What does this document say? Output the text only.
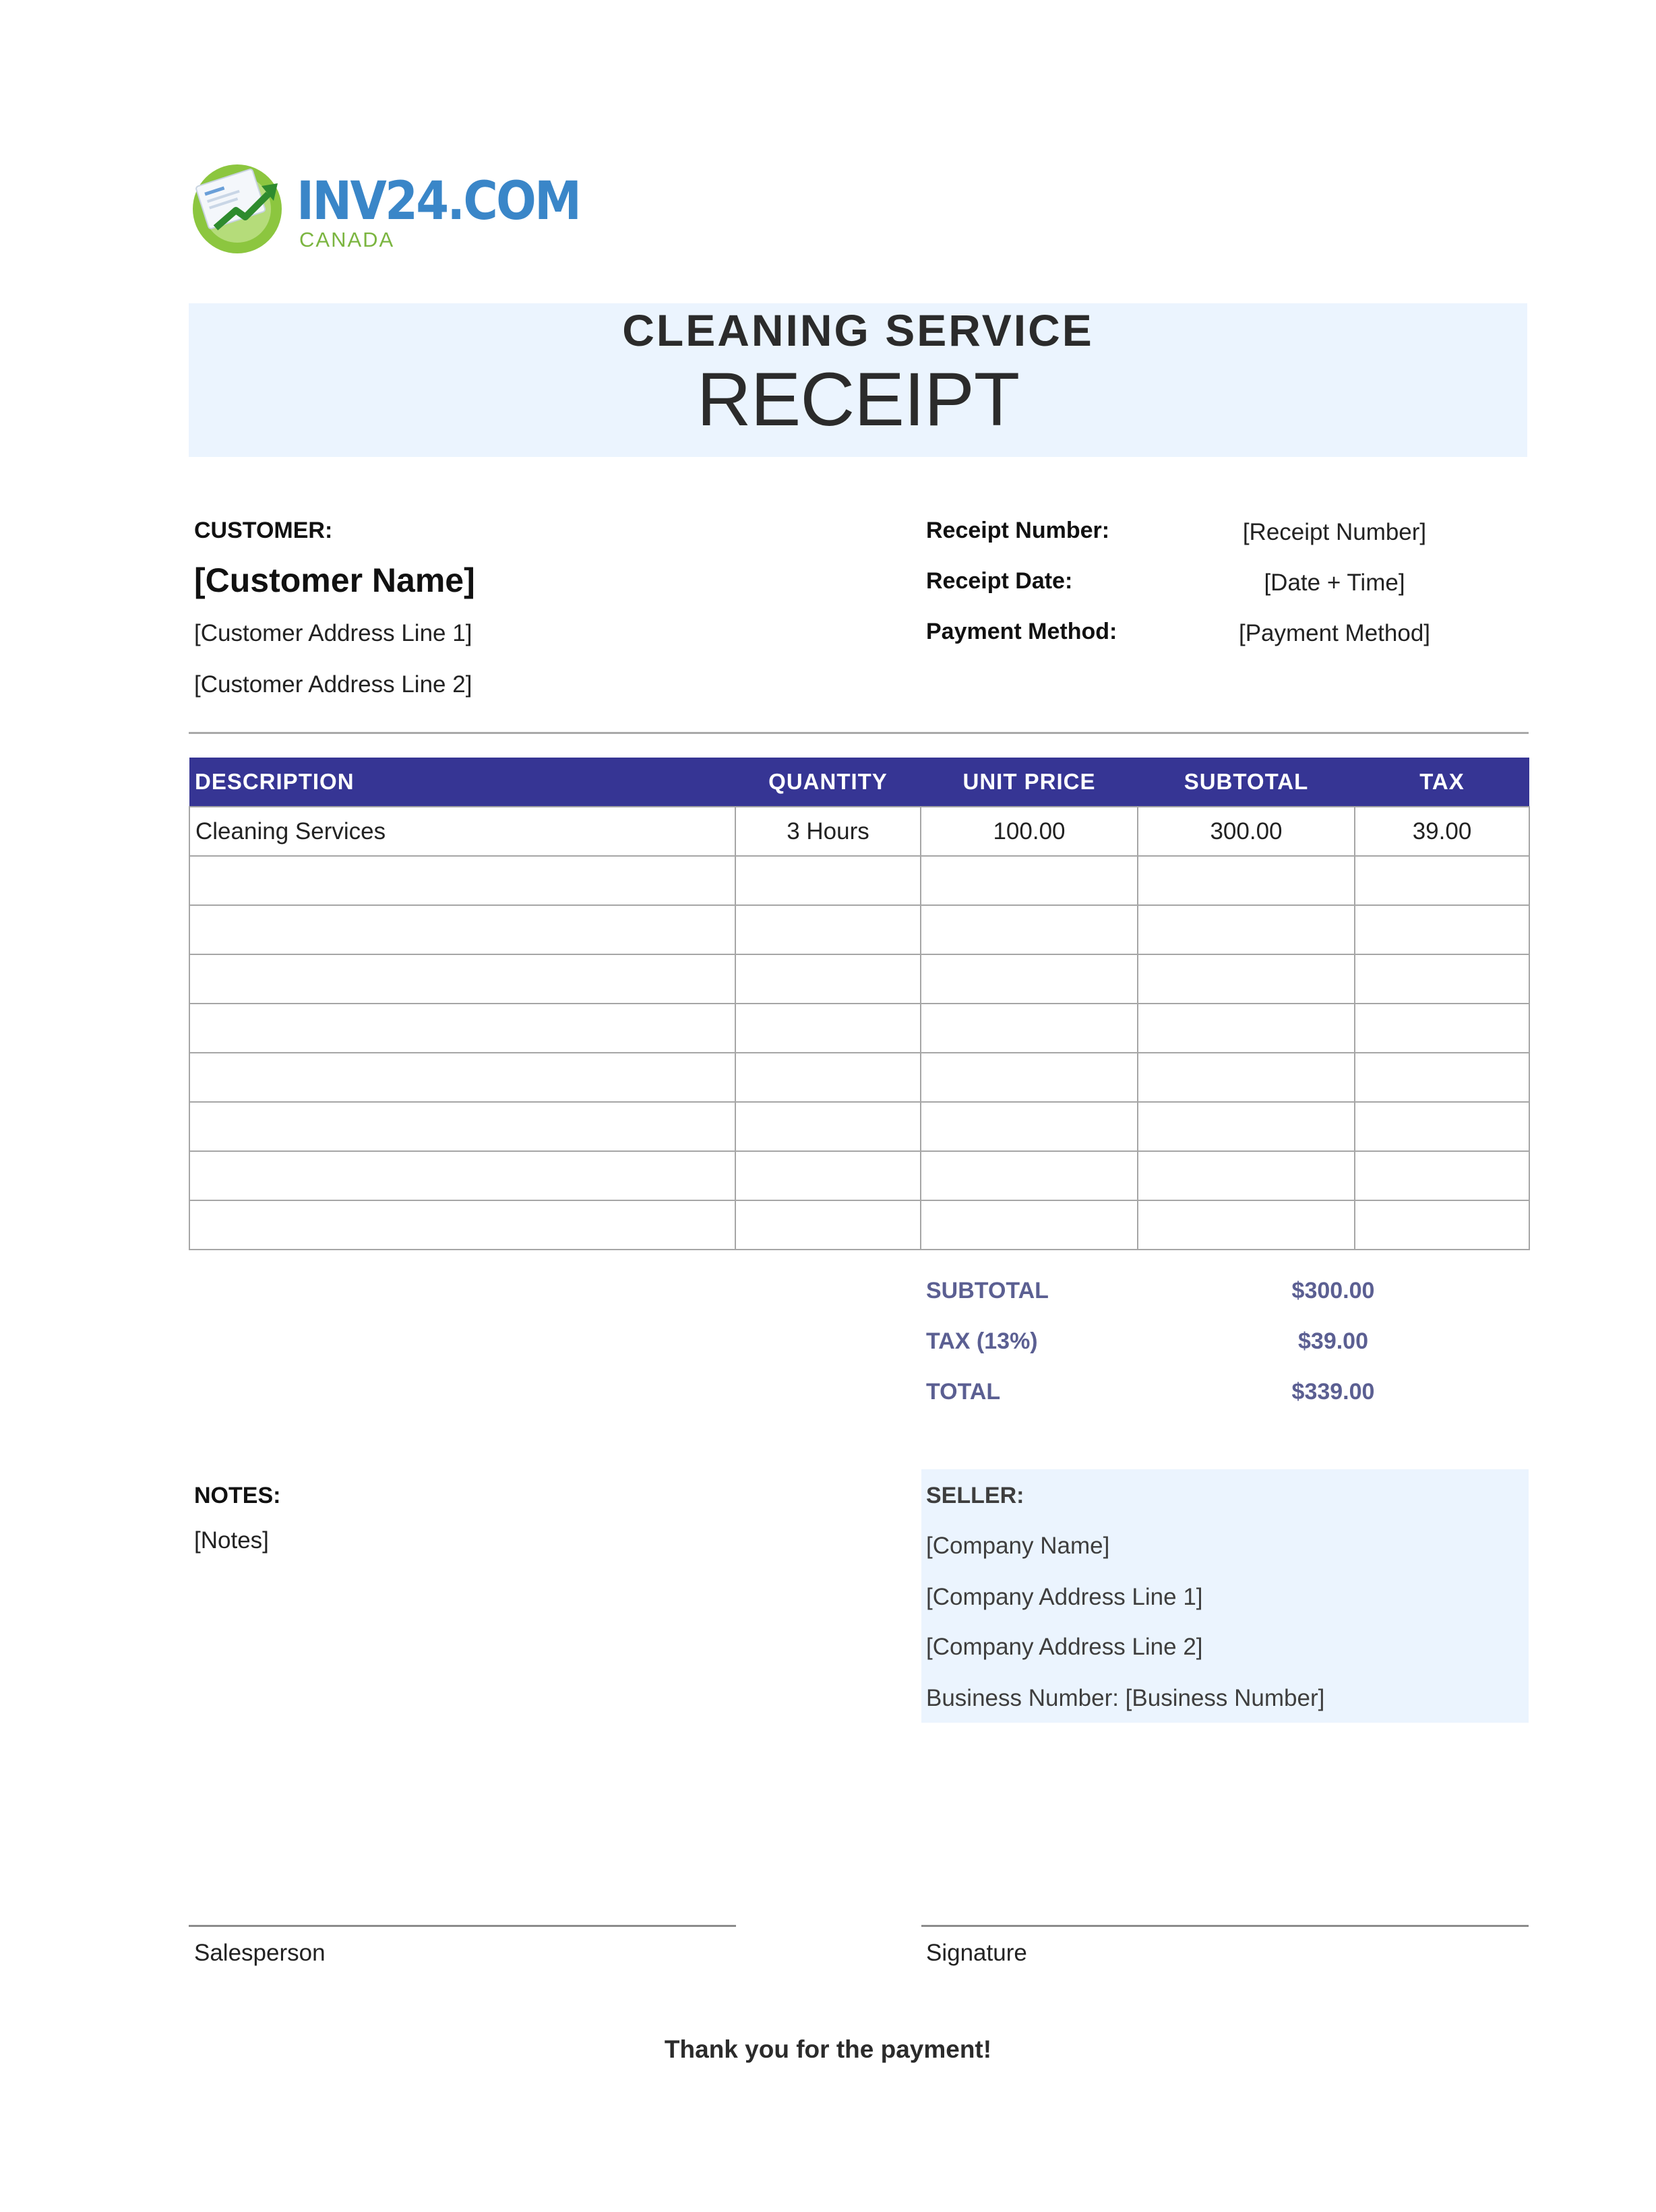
INV24.COM
CANADA
CLEANING SERVICE
RECEIPT
CUSTOMER:
[Customer Name]
[Customer Address Line 1]
[Customer Address Line 2]
Receipt Number:	[Receipt Number]
Receipt Date:	[Date + Time]
Payment Method:	[Payment Method]
DESCRIPTION	QUANTITY	UNIT PRICE	SUBTOTAL	TAX
Cleaning Services	3 Hours	100.00	300.00	39.00

SUBTOTAL	$300.00
TAX (13%)	$39.00
TOTAL	$339.00
NOTES:
[Notes]
SELLER:
[Company Name]
[Company Address Line 1]
[Company Address Line 2]
Business Number: [Business Number]
Salesperson	Signature
Thank you for the payment!
